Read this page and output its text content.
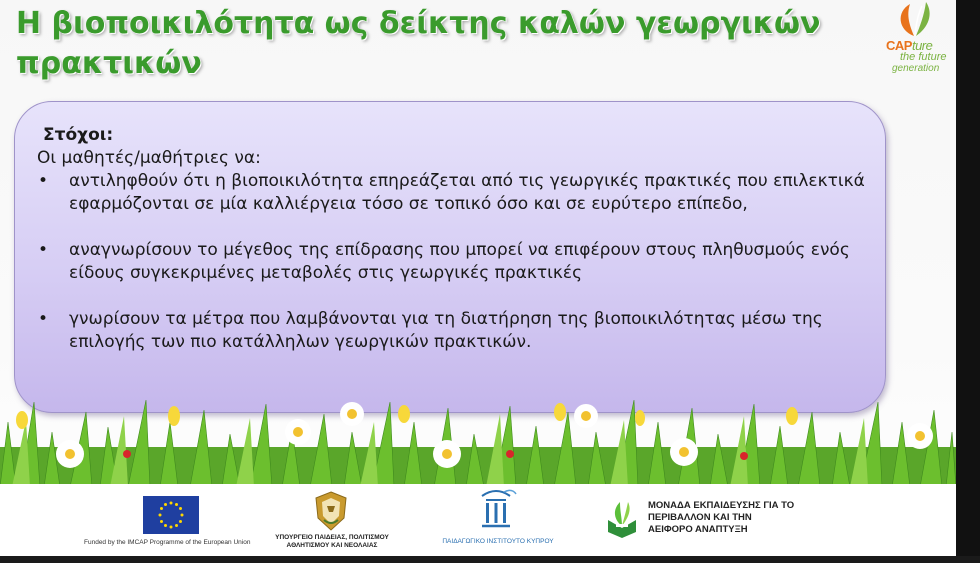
Η βιοποικιλότητα ως δείκτης καλών γεωργικών πρακτικών
CAPture
the future
generation

Στόχοι:

Οι μαθητές/μαθήτριες να:

• αντιληφθούν ότι η βιοποικιλότητα επηρεάζεται από τις γεωργικές πρακτικές που επιλεκτικά εφαρμόζονται σε μία καλλιέργεια τόσο σε τοπικό όσο και σε ευρύτερο επίπεδο,
• αναγνωρίσουν το μέγεθος της επίδρασης που μπορεί να επιφέρουν στους πληθυσμούς ενός είδους συγκεκριμένες μεταβολές στις γεωργικές πρακτικές
• γνωρίσουν τα μέτρα που λαμβάνονται για τη διατήρηση της βιοποικιλότητας μέσω της επιλογής των πιο κατάλληλων γεωργικών πρακτικών.
Funded by the IMCAP Programme of the European Union
ΥΠΟΥΡΓΕΙΟ ΠΑΙΔΕΙΑΣ, ΠΟΛΙΤΙΣΜΟΥ ΑΘΛΗΤΙΣΜΟΥ ΚΑΙ ΝΕΟΛΑΙΑΣ
ΠΑΙΔΑΓΩΓΙΚΟ ΙΝΣΤΙΤΟΥΤΟ ΚΥΠΡΟΥ
ΜΟΝΑΔΑ ΕΚΠΑΙΔΕΥΣΗΣ ΓΙΑ ΤΟ ΠΕΡΙΒΑΛΛΟΝ ΚΑΙ ΤΗΝ ΑΕΙΦΟΡΟ ΑΝΑΠΤΥΞΗ
